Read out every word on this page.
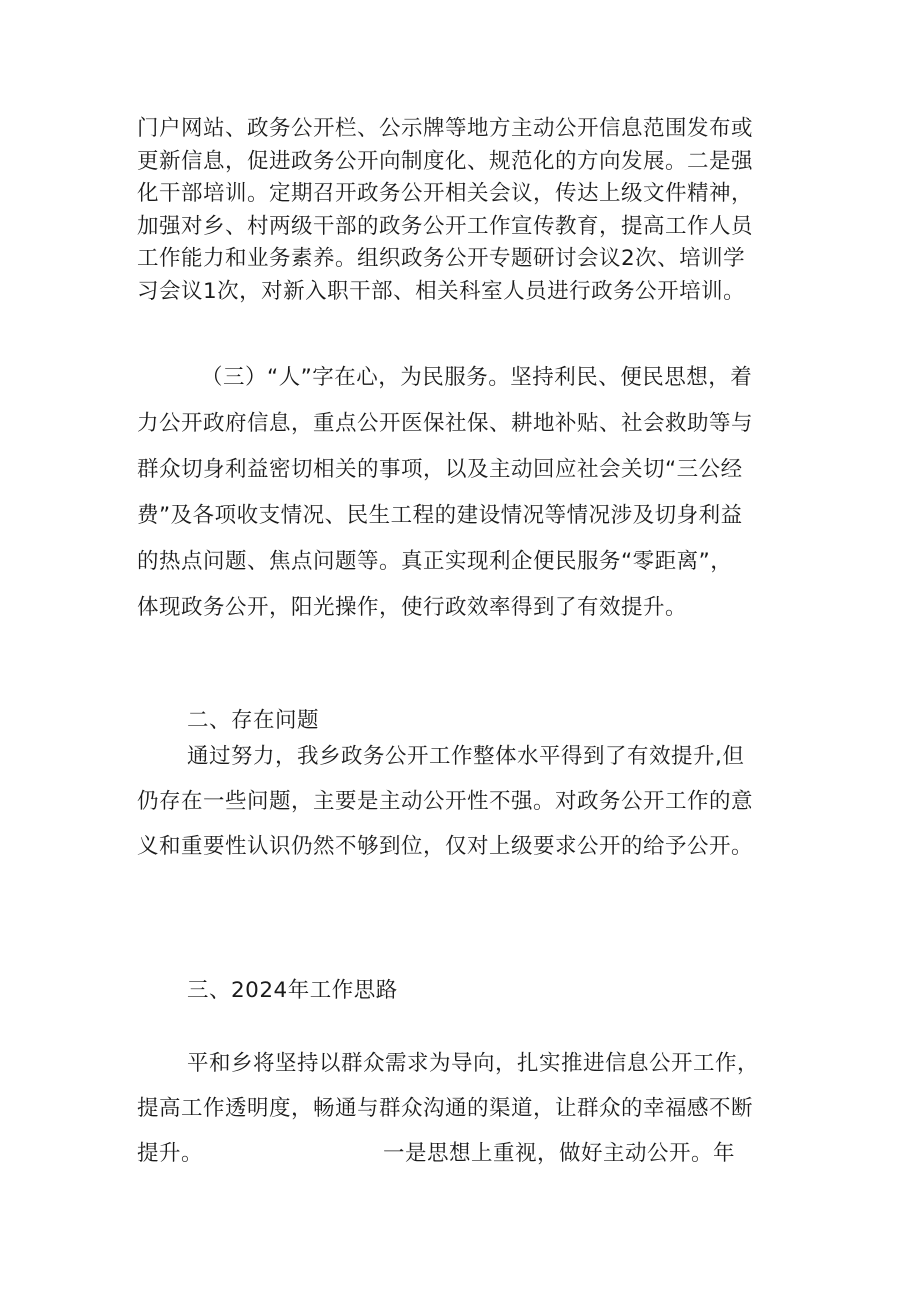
门户网站、政务公开栏、公示牌等地方主动公开信息范围发布或
更新信息，促进政务公开向制度化、规范化的方向发展。二是强
化干部培训。定期召开政务公开相关会议，传达上级文件精神，
加强对乡、村两级干部的政务公开工作宣传教育，提高工作人员
工作能力和业务素养。组织政务公开专题研讨会议2次、培训学
习会议1次，对新入职干部、相关科室人员进行政务公开培训。
（三）“人”字在心，为民服务。坚持利民、便民思想，着
力公开政府信息，重点公开医保社保、耕地补贴、社会救助等与
群众切身利益密切相关的事项，以及主动回应社会关切“三公经
费”及各项收支情况、民生工程的建设情况等情况涉及切身利益
的热点问题、焦点问题等。真正实现利企便民服务“零距离”，
体现政务公开，阳光操作，使行政效率得到了有效提升。
二、存在问题
通过努力，我乡政务公开工作整体水平得到了有效提升,但
仍存在一些问题，主要是主动公开性不强。对政务公开工作的意
义和重要性认识仍然不够到位，仅对上级要求公开的给予公开。
三、2024年工作思路
平和乡将坚持以群众需求为导向，扎实推进信息公开工作，
提高工作透明度，畅通与群众沟通的渠道，让群众的幸福感不断
提升。	一是思想上重视，做好主动公开。年
